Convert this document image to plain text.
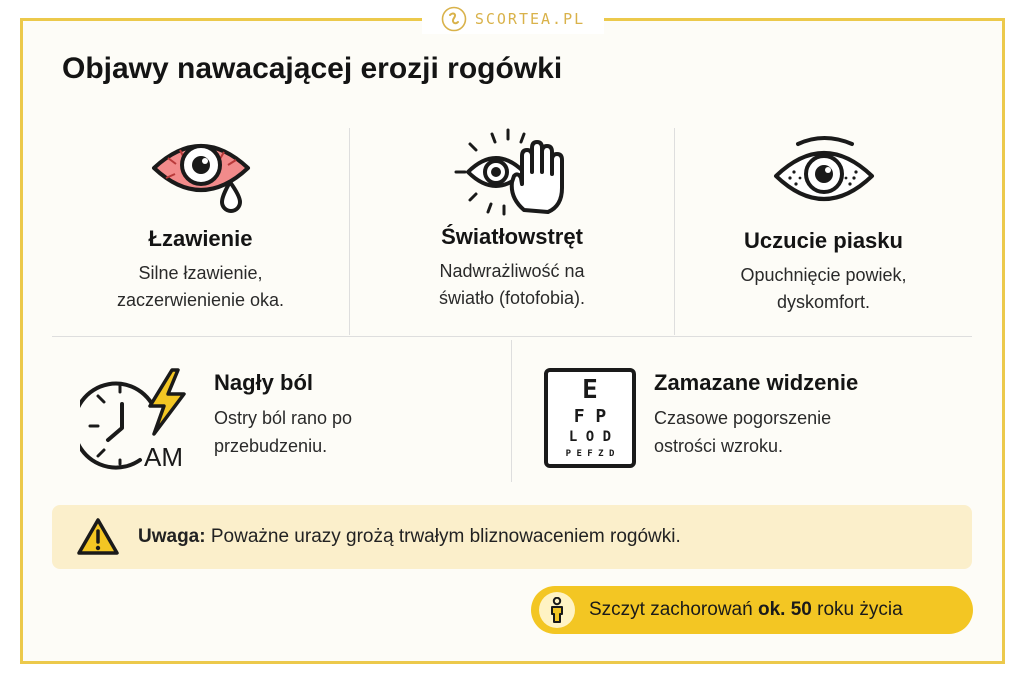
SCORTEA.PL
Objawy nawacającej erozji rogówki
Łzawienie
Silne łzawienie,
zaczerwienienie oka.
Światłowstręt
Nadwrażliwość na
światło (fotofobia).
Uczucie piasku
Opuchnięcie powiek,
dyskomfort.
AM
Nagły ból
Ostry ból rano po
przebudzeniu.
E
F P
L O D
P E F Z D
Zamazane widzenie
Czasowe pogorszenie
ostrości wzroku.
Uwaga: Poważne urazy grożą trwałym bliznowaceniem rogówki.
Szczyt zachorowań ok. 50 roku życia
